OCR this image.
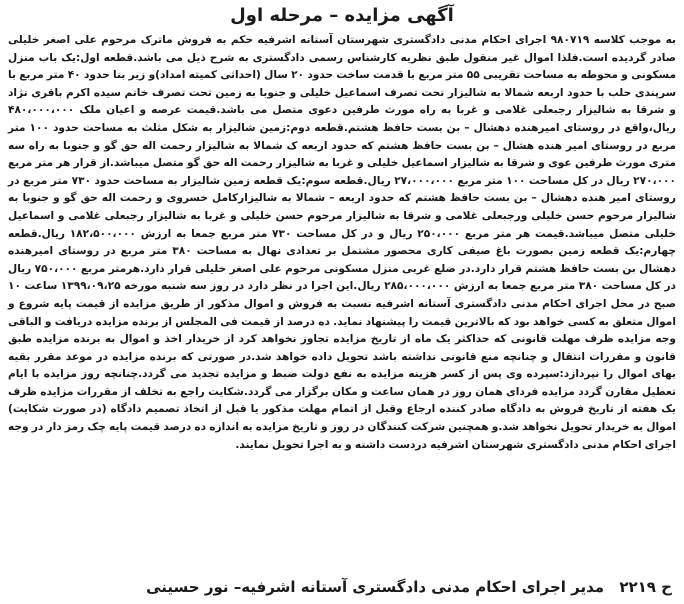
آگهی مزایده – مرحله اول

به موجب کلاسه ۹۸۰۷۱۹ اجرای احکام مدنی دادگستری شهرستان آستانه اشرفیه حکم به فروش ماترک مرحوم علی اصغر خلیلی صادر گردیده است.فلذا اموال غیر منقول طبق نظریه کارشناس رسمی دادگستری به شرح ذیل می باشد.قطعه اول:یک باب منزل مسکونی و محوطه به مساحت تقریبی ۵۵ متر مربع با قدمت ساخت حدود ۲۰ سال (احداثی کمیته امداد)و زیر بنا حدود ۴۰ متر مربع با سرپندی حلب با حدود اربعه شمالا به شالیزار تحت تصرف اسماعیل خلیلی و جنوبا به زمین تحت تصرف خانم سیده اکرم باقری نژاد و شرقا به شالیزار رجبعلی غلامی و غربا به راه مورث طرفین دعوی متصل می باشد.قیمت عرصه و اعیان ملک ۴۸۰،۰۰۰،۰۰۰ ریال،واقع در روستای امیرهنده دهشال – بن بست حافظ هشتم.قطعه دوم:زمین شالیزار به شکل مثلث به مساحت حدود ۱۰۰ متر مربع در روستای امیر هنده هشال – بن بست حافظ هشتم که حدود اربعه ک شمالا به شالیزار رحمت اله حق گو و جنوبا به راه سه متری مورث طرفین عوی و شرقا به شالیزار اسماعیل خلیلی و غربا به شالیزار رحمت اله حق گو متصل میباشد.از قرار هر متر مربع ۲۷۰،۰۰۰ ریال در کل مساحت ۱۰۰ متر مربع ۲۷،۰۰۰،۰۰۰ ریال.قطعه سوم:یک قطعه زمین شالیزار به مساحت حدود ۷۳۰ متر مربع در روستای امیر هنده دهشال – بن بست حافظ هشتم که حدود اربعه – شمالا به شالیزارکامل خسروی و رحمت اله حق گو و جنوبا به شالیزار مرحوم حسن خلیلی ورجبعلی غلامی و شرقا به شالیزار مرحوم حسن خلیلی و غربا به شالیزار رجبعلی غلامی و اسماعیل خلیلی متصل میباشد.قیمت هر متر مربع ۲۵۰،۰۰۰ ریال و در کل مساحت ۷۳۰ متر مربع جمعا به ارزش ۱۸۲،۵۰۰،۰۰۰ ریال.قطعه چهارم:یک قطعه زمین بصورت باغ صیفی کاری محصور مشتمل بر تعدادی نهال به مساحت ۳۸۰ متر مربع در روستای امیرهنده دهشال بن بست حافظ هشتم قرار دارد.در ضلع غربی منزل مسکونی مرحوم علی اصغر خلیلی قرار دارد.هرمتر مربع ۷۵۰،۰۰۰ ریال در کل مساحت ۳۸۰ متر مربع جمعا به ارزش ۲۸۵،۰۰۰،۰۰۰ ریال.این اجرا در نظر دارد در روز سه شنبه مورخه ۱۳۹۹،۰۹،۲۵ ساعت ۱۰ صبح در محل اجرای احکام مدنی دادگستری آستانه اشرفیه نسبت به فروش و اموال مذکور از طریق مزایده از قیمت پایه شروع و اموال متعلق به کسی خواهد بود که بالاترین قیمت را پیشنهاد نماید. ده درصد از قیمت فی المجلس از برنده مزایده دریافت و الباقی وجه مزایده ظرف مهلت قانونی که حداکثر یک ماه از تاریخ مزایده تجاوز نخواهد کرد از خریدار اخذ و اموال به برنده مزایده طبق قانون و مقررات انتقال و چنانچه منع قانونی نداشته باشد تحویل داده خواهد شد.در صورتی که برنده مزایده در موعد مقرر بقیه بهای اموال را نپردازد:سپرده وی پس از کسر هزینه مزایده به نفع دولت ضبط و مزایده تجدید می گردد.چنانچه روز مزایده با ایام تعطیل مقارن گردد مزایده فردای همان روز در همان ساعت و مکان برگزار می گردد.شکایت راجع به تخلف از مقررات مزایده ظرف یک هفته از تاریخ فروش به دادگاه صادر کننده ارجاع وقبل از اتمام مهلت مذکور یا قبل از اتخاذ تصمیم دادگاه (در صورت شکایت) اموال به خریدار تحویل نخواهد شد.و همچنین شرکت کنندگان در روز و تاریخ مزایده به اندازه ده درصد قیمت پایه چک رمز دار در وجه اجرای احکام مدنی دادگستری شهرستان اشرفیه دردست داشته و به اجرا تحویل نمایند.

ح ۲۲۱۹ مدیر اجرای احکام مدنی دادگستری آستانه اشرفیه– نور حسینی
